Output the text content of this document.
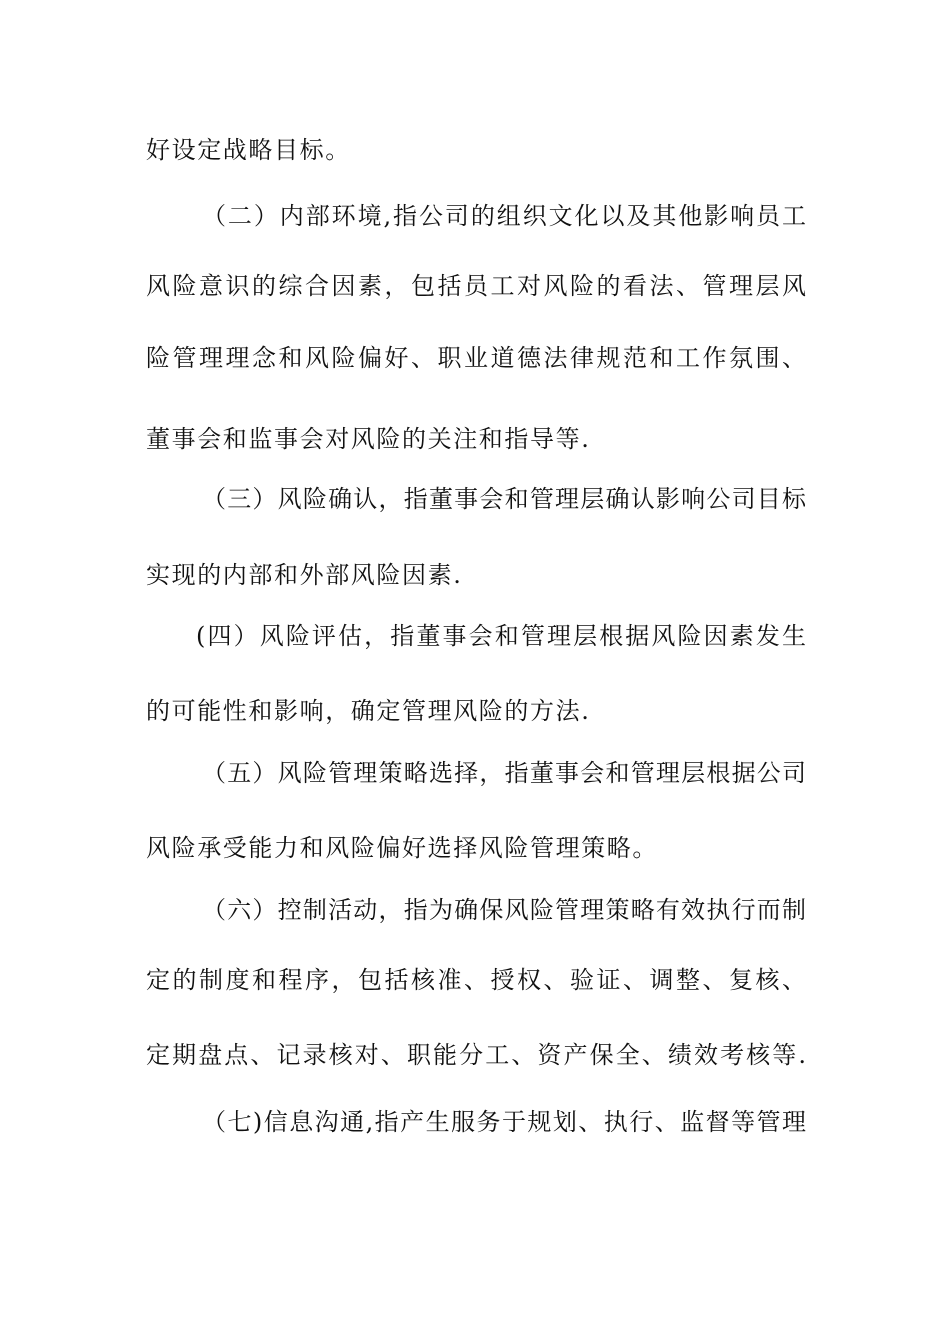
好设定战略目标。
（二）内部环境,指公司的组织文化以及其他影响员工
风险意识的综合因素，包括员工对风险的看法、管理层风
险管理理念和风险偏好、职业道德法律规范和工作氛围、
董事会和监事会对风险的关注和指导等.
（三）风险确认，指董事会和管理层确认影响公司目标
实现的内部和外部风险因素.
(四）风险评估，指董事会和管理层根据风险因素发生
的可能性和影响，确定管理风险的方法.
（五）风险管理策略选择，指董事会和管理层根据公司
风险承受能力和风险偏好选择风险管理策略。
（六）控制活动，指为确保风险管理策略有效执行而制
定的制度和程序，包括核准、授权、验证、调整、复核、
定期盘点、记录核对、职能分工、资产保全、绩效考核等.
（七)信息沟通,指产生服务于规划、执行、监督等管理
